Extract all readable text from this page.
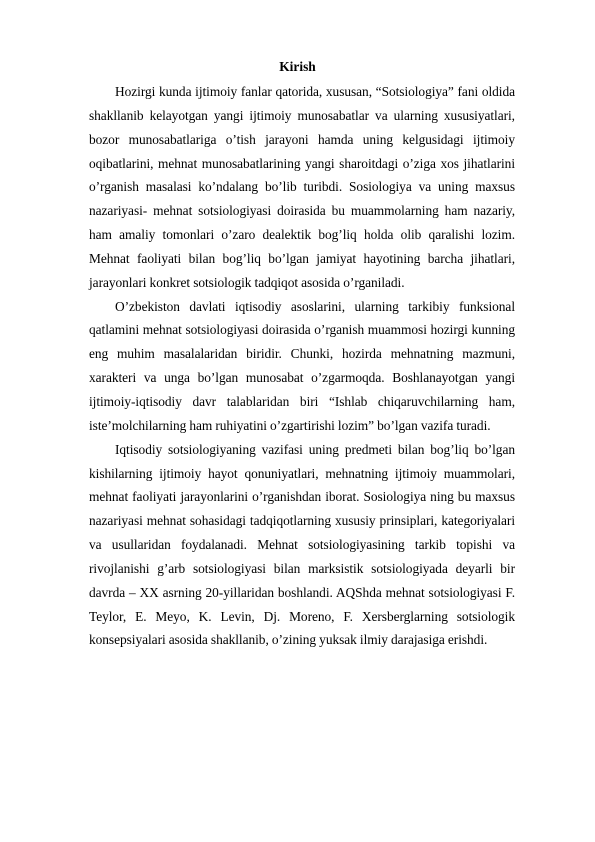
Kirish

Hozirgi kunda ijtimoiy fanlar qatorida, xususan, “Sotsiologiya” fani oldida shakllanib kelayotgan yangi ijtimoiy munosabatlar va ularning xususiyatlari, bozor munosabatlariga o’tish jarayoni hamda uning kelgusidagi ijtimoiy oqibatlarini, mehnat munosabatlarining yangi sharoitdagi o’ziga xos jihatlarini o’rganish masalasi ko’ndalang bo’lib turibdi. Sosiologiya va uning maxsus nazariyasi- mehnat sotsiologiyasi doirasida bu muammolarning ham nazariy, ham amaliy tomonlari o’zaro dealektik bog’liq holda olib qaralishi lozim. Mehnat faoliyati bilan bog’liq bo’lgan jamiyat hayotining barcha jihatlari, jarayonlari konkret sotsiologik tadqiqot asosida o’rganiladi.

O’zbekiston davlati iqtisodiy asoslarini, ularning tarkibiy funksional qatlamini mehnat sotsiologiyasi doirasida o’rganish muammosi hozirgi kunning eng muhim masalalaridan biridir. Chunki, hozirda mehnatning mazmuni, xarakteri va unga bo’lgan munosabat o’zgarmoqda. Boshlanayotgan yangi ijtimoiy-iqtisodiy davr talablaridan biri “Ishlab chiqaruvchilarning ham, iste’molchilarning ham ruhiyatini o’zgartirishi lozim” bo’lgan vazifa turadi.

Iqtisodiy sotsiologiyaning vazifasi uning predmeti bilan bog’liq bo’lgan kishilarning ijtimoiy hayot qonuniyatlari, mehnatning ijtimoiy muammolari, mehnat faoliyati jarayonlarini o’rganishdan iborat. Sosiologiya ning bu maxsus nazariyasi mehnat sohasidagi tadqiqotlarning xususiy prinsiplari, kategoriyalari va usullaridan foydalanadi. Mehnat sotsiologiyasining tarkib topishi va rivojlanishi g’arb sotsiologiyasi bilan marksistik sotsiologiyada deyarli bir davrda – XX asrning 20-yillaridan boshlandi. AQShda mehnat sotsiologiyasi F. Teylor, E. Meyo, K. Levin, Dj. Moreno, F. Xersberglarning sotsiologik konsepsiyalari asosida shakllanib, o’zining yuksak ilmiy darajasiga erishdi.
